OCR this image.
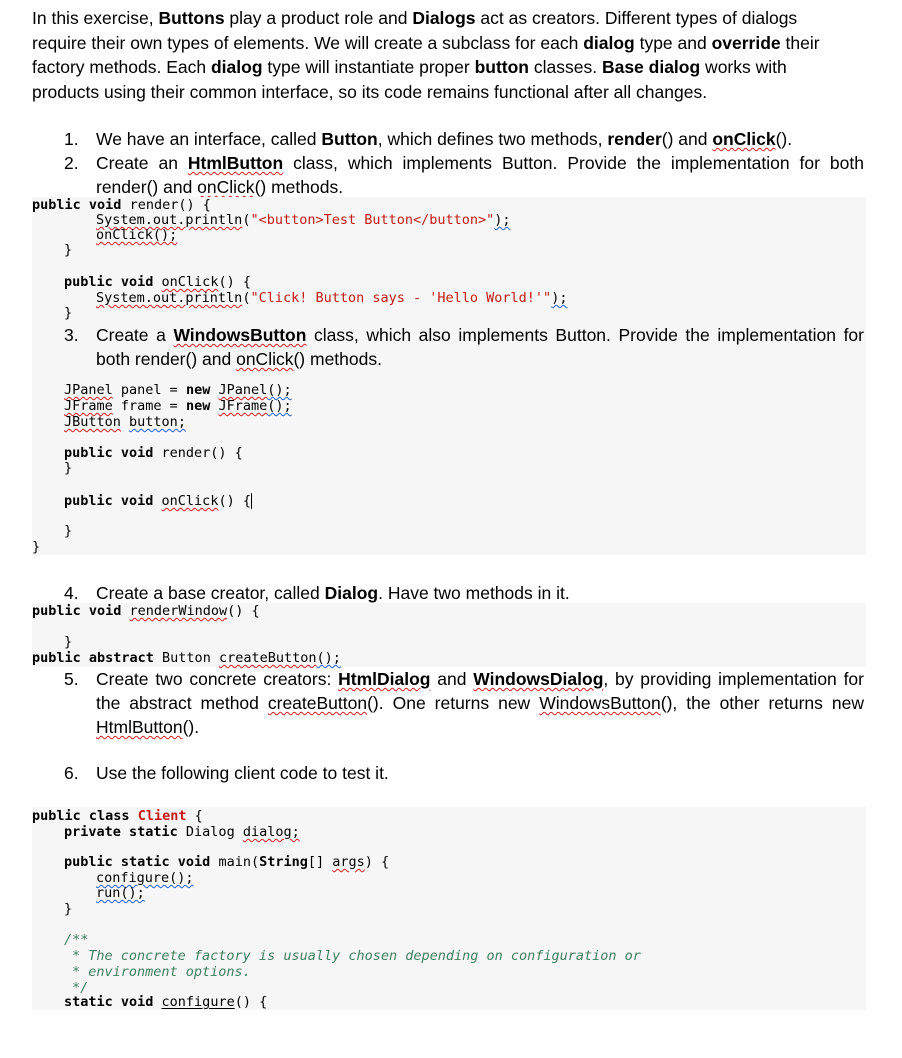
In this exercise, Buttons play a product role and Dialogs act as creators. Different types of dialogs require their own types of elements. We will create a subclass for each dialog type and override their factory methods. Each dialog type will instantiate proper button classes. Base dialog works with products using their common interface, so its code remains functional after all changes.
1. We have an interface, called Button, which defines two methods, render() and onClick().
2. Create an HtmlButton class, which implements Button. Provide the implementation for both render() and onClick() methods.
public void render() {
System.out.println("<button>Test Button</button>");
onClick();
}
public void onClick() {
System.out.println("Click! Button says - 'Hello World!'");
}
3. Create a WindowsButton class, which also implements Button. Provide the implementation for both render() and onClick() methods.
JPanel panel = new JPanel();
JFrame frame = new JFrame();
JButton button;
public void render() {
}
public void onClick() {
}
}
4. Create a base creator, called Dialog. Have two methods in it.
public void renderWindow() {
}
public abstract Button createButton();
5. Create two concrete creators: HtmlDialog and WindowsDialog, by providing implementation for the abstract method createButton(). One returns new WindowsButton(), the other returns new HtmlButton().
6. Use the following client code to test it.
public class Client {
private static Dialog dialog;
public static void main(String[] args) {
configure();
run();
}
/**
* The concrete factory is usually chosen depending on configuration or
* environment options.
*/
static void configure() {
